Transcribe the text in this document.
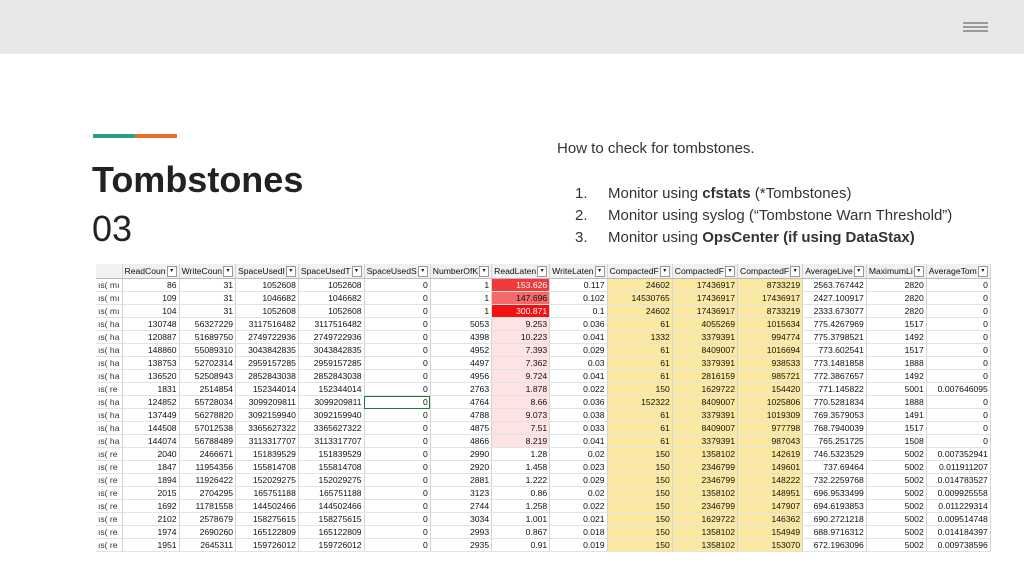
Tombstones
03
How to check for tombstones.
1. Monitor using cfstats (*Tombstones)
2. Monitor using syslog (“Tombstone Warn Threshold”)
3. Monitor using OpsCenter (if using DataStax)
	ReadCoun ▾	WriteCoun ▾	SpaceUsedI ▾	SpaceUsedT ▾	SpaceUsedS ▾	NumberOfK ▾	ReadLaten ▾	WriteLaten ▾	CompactedF ▾	CompactedF ▾	CompactedF ▾	AverageLive ▾	MaximumLi ▾	AverageTom ▾
ıs( mı	86	31	1052608	1052608	0	1	153.626	0.117	24602	17436917	8733219	2563.767442	2820	0
ıs( mı	109	31	1046682	1046682	0	1	147.696	0.102	14530765	17436917	17436917	2427.100917	2820	0
ıs( mı	104	31	1052608	1052608	0	1	300.871	0.1	24602	17436917	8733219	2333.673077	2820	0
ıs( ha	130748	56327229	3117516482	3117516482	0	5053	9.253	0.036	61	4055269	1015634	775.4267969	1517	0
ıs( ha	120887	51689750	2749722936	2749722936	0	4398	10.223	0.041	1332	3379391	994774	775.3798521	1492	0
ıs( ha	148860	55089310	3043842835	3043842835	0	4952	7.393	0.029	61	8409007	1016694	773.602541	1517	0
ıs( ha	138753	52702314	2959157285	2959157285	0	4497	7.362	0.03	61	3379391	938533	773.1481858	1888	0
ıs( ha	136520	52508943	2852843038	2852843038	0	4956	9.724	0.041	61	2816159	985721	772.3867657	1492	0
ıs( re	1831	2514854	152344014	152344014	0	2763	1.878	0.022	150	1629722	154420	771.145822	5001	0.007646095
ıs( ha	124852	55728034	3099209811	3099209811	0	4764	8.66	0.036	152322	8409007	1025806	770.5281834	1888	0
ıs( ha	137449	56278820	3092159940	3092159940	0	4788	9.073	0.038	61	3379391	1019309	769.3579053	1491	0
ıs( ha	144508	57012538	3365627322	3365627322	0	4875	7.51	0.033	61	8409007	977798	768.7940039	1517	0
ıs( ha	144074	56788489	3113317707	3113317707	0	4866	8.219	0.041	61	3379391	987043	765.251725	1508	0
ıs( re	2040	2466671	151839529	151839529	0	2990	1.28	0.02	150	1358102	142619	746.5323529	5002	0.007352941
ıs( re	1847	11954356	155814708	155814708	0	2920	1.458	0.023	150	2346799	149601	737.69464	5002	0.011911207
ıs( re	1894	11926422	152029275	152029275	0	2881	1.222	0.029	150	2346799	148222	732.2259768	5002	0.014783527
ıs( re	2015	2704295	165751188	165751188	0	3123	0.86	0.02	150	1358102	148951	696.9533499	5002	0.009925558
ıs( re	1692	11781558	144502466	144502466	0	2744	1.258	0.022	150	2346799	147907	694.6193853	5002	0.011229314
ıs( re	2102	2578679	158275615	158275615	0	3034	1.001	0.021	150	1629722	146362	690.2721218	5002	0.009514748
ıs( re	1974	2690260	165122809	165122809	0	2993	0.867	0.018	150	1358102	154949	688.9716312	5002	0.014184397
ıs( re	1951	2645311	159726012	159726012	0	2935	0.91	0.019	150	1358102	153070	672.1963096	5002	0.009738596
